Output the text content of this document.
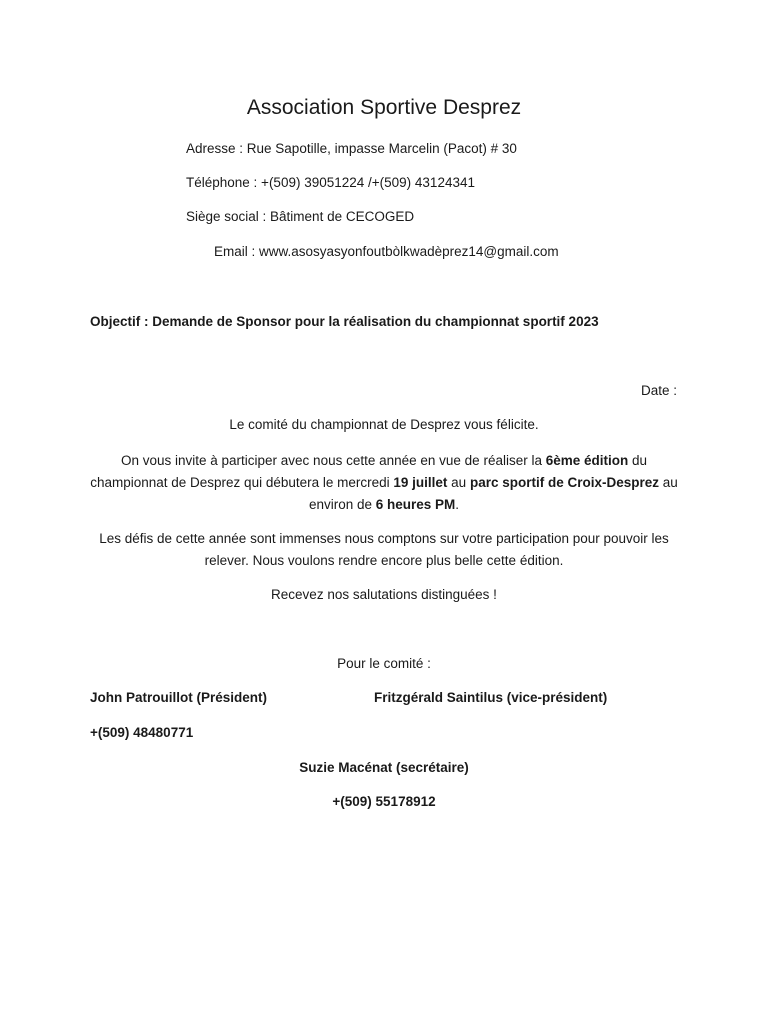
Association Sportive Desprez
Adresse : Rue Sapotille, impasse Marcelin (Pacot) # 30
Téléphone : +(509) 39051224 /+(509) 43124341
Siège social : Bâtiment de CECOGED
Email : www.asosyasyonfoutbòlkwadèprez14@gmail.com
Objectif : Demande de Sponsor pour la réalisation du championnat sportif 2023
Date :
Le comité du championnat de Desprez vous félicite.
On vous invite à participer avec nous cette année en vue de réaliser la 6ème édition du championnat de Desprez qui débutera le mercredi 19 juillet au parc sportif de Croix-Desprez au environ de 6 heures PM.
Les défis de cette année sont immenses nous comptons sur votre participation pour pouvoir les relever. Nous voulons rendre encore plus belle cette édition.
Recevez nos salutations distinguées !
Pour le comité :
John Patrouillot (Président)	Fritzgérald Saintilus (vice-président)
+(509) 48480771
Suzie Macénat (secrétaire)
+(509) 55178912
